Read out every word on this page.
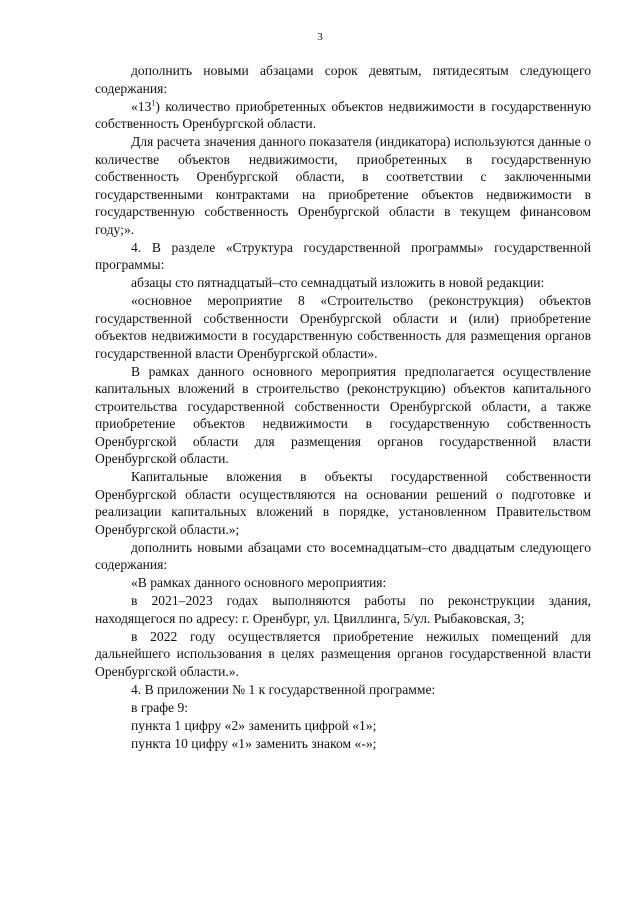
3

дополнить новыми абзацами сорок девятым, пятидесятым следующего содержания:

«$13^1$) количество приобретенных объектов недвижимости в государственную собственность Оренбургской области.

Для расчета значения данного показателя (индикатора) используются данные о количестве объектов недвижимости, приобретенных в государственную собственность Оренбургской области, в соответствии с заключенными государственными контрактами на приобретение объектов недвижимости в государственную собственность Оренбургской области в текущем финансовом году;».

4. В разделе «Структура государственной программы» государственной программы:

абзацы сто пятнадцатый–сто семнадцатый изложить в новой редакции:

«основное мероприятие 8 «Строительство (реконструкция) объектов государственной собственности Оренбургской области и (или) приобретение объектов недвижимости в государственную собственность для размещения органов государственной власти Оренбургской области».

В рамках данного основного мероприятия предполагается осуществление капитальных вложений в строительство (реконструкцию) объектов капитального строительства государственной собственности Оренбургской области, а также приобретение объектов недвижимости в государственную собственность Оренбургской области для размещения органов государственной власти Оренбургской области.

Капитальные вложения в объекты государственной собственности Оренбургской области осуществляются на основании решений о подготовке и реализации капитальных вложений в порядке, установленном Правительством Оренбургской области.»;

дополнить новыми абзацами сто восемнадцатым–сто двадцатым следующего содержания:

«В рамках данного основного мероприятия:

в 2021–2023 годах выполняются работы по реконструкции здания, находящегося по адресу: г. Оренбург, ул. Цвиллинга, 5/ул. Рыбаковская, 3;

в 2022 году осуществляется приобретение нежилых помещений для дальнейшего использования в целях размещения органов государственной власти Оренбургской области.».

4. В приложении № 1 к государственной программе:

в графе 9:

пункта 1 цифру «2» заменить цифрой «1»;

пункта 10 цифру «1» заменить знаком «-»;
